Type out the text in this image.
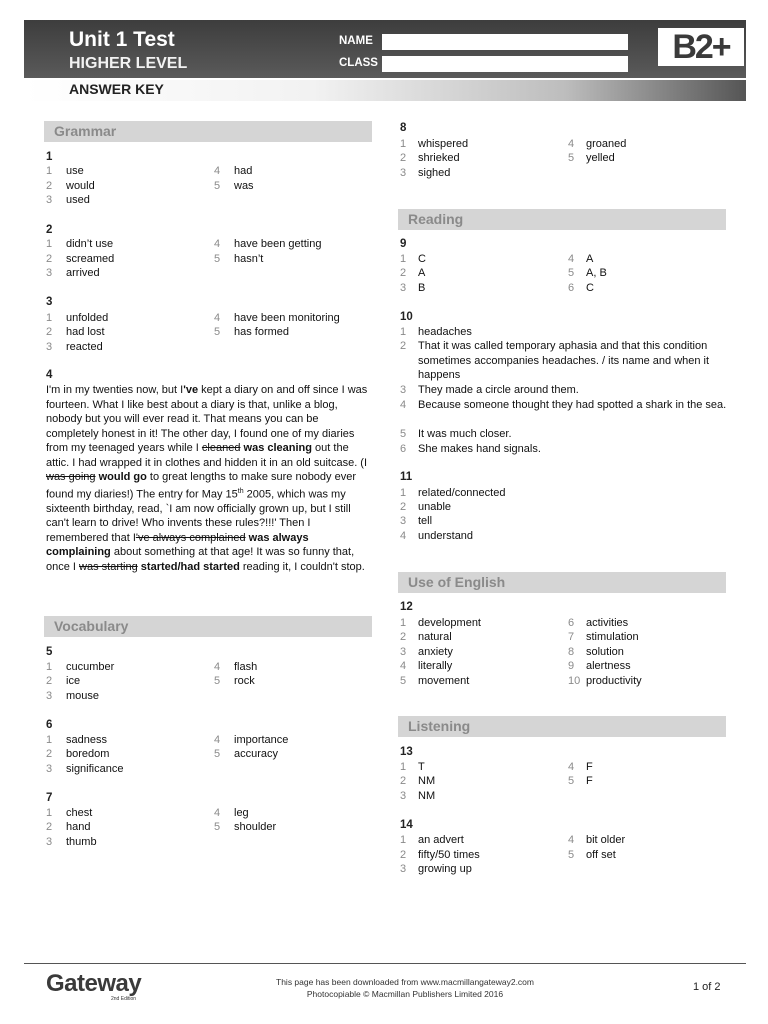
Unit 1 Test
HIGHER LEVEL
ANSWER KEY
NAME
CLASS	B2+
Grammar
1
1 use
2 would
3 used
4 had
5 was
2
1 didn’t use
2 screamed
3 arrived
4 have been getting
5 hasn’t
3
1 unfolded
2 had lost
3 reacted
4 have been monitoring
5 has formed
4
I'm in my twenties now, but I've kept a diary on and off since I was fourteen. What I like best about a diary is that, unlike a blog, nobody but you will ever read it. That means you can be completely honest in it! The other day, I found one of my diaries from my teenaged years while I cleaned was cleaning out the attic. I had wrapped it in clothes and hidden it in an old suitcase. (I was going would go to great lengths to make sure nobody ever found my diaries!) The entry for May 15th 2005, which was my sixteenth birthday, read, `I am now officially grown up, but I still can't learn to drive! Who invents these rules?!!!' Then I remembered that I've always complained was always complaining about something at that age! It was so funny that, once I was starting started/had started reading it, I couldn't stop.
Vocabulary
5
1 cucumber
2 ice
3 mouse
4 flash
5 rock
6
1 sadness
2 boredom
3 significance
4 importance
5 accuracy
7
1 chest
2 hand
3 thumb
4 leg
5 shoulder
8
1 whispered
2 shrieked
3 sighed
4 groaned
5 yelled
Reading
9
1 C
2 A
3 B
4 A
5 A, B
6 C
10
1 headaches
2	That it was called temporary aphasia and that this condition sometimes accompanies headaches. / its name and when it happens
3 They made a circle around them.
4	Because someone thought they had spotted a shark in the sea.
5 It was much closer.
6 She makes hand signals.
11
1 related/connected
2 unable
3 tell
4 understand
Use of English
12
1 development
2 natural
3 anxiety
4 literally
5 movement
6 activities
7 stimulation
8 solution
9 alertness
10 productivity
Listening
13
1 T
2 NM
3 NM
4 F
5 F
14
1 an advert
2 fifty/50 times
3 growing up
4 bit older
5 off set
Gateway
2nd Edition
This page has been downloaded from www.macmillangateway2.com
Photocopiable © Macmillan Publishers Limited 2016
1 of 2
